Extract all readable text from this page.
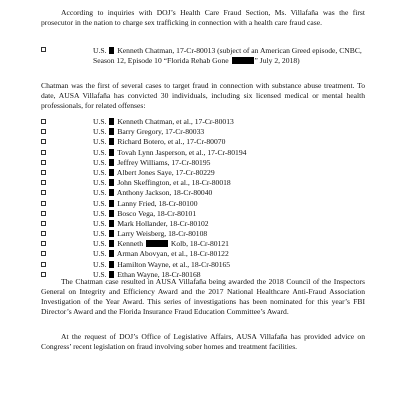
According to inquiries with DOJ’s Health Care Fraud Section, Ms. Villafaña was the first prosecutor in the nation to charge sex trafficking in connection with a health care fraud case.

U.S. Kenneth Chatman, 17-Cr-80013 (subject of an American Greed episode, CNBC, Season 12, Episode 10 “Florida Rehab Gone	” July 2, 2018)

Chatman was the first of several cases to target fraud in connection with substance abuse treatment. To date, AUSA Villafaña has convicted 30 individuals, including six licensed medical or mental health professionals, for related offenses:

U.S. Kenneth Chatman, et al., 17-Cr-80013
U.S. Barry Gregory, 17-Cr-80033
U.S. Richard Botero, et al., 17-Cr-80070
U.S. Tovah Lynn Jasperson, et al., 17-Cr-80194
U.S. Jeffrey Williams, 17-Cr-80195
U.S. Albert Jones Saye, 17-Cr-80229
U.S. John Skeffington, et al., 18-Cr-80018
U.S. Anthony Jackson, 18-Cr-80040
U.S. Lanny Fried, 18-Cr-80100
U.S. Bosco Vega, 18-Cr-80101
U.S. Mark Hollander, 18-Cr-80102
U.S. Larry Weisberg, 18-Cr-80108
U.S. Kenneth	Kolb, 18-Cr-80121
U.S. Arman Abovyan, et al., 18-Cr-80122
U.S. Hamilton Wayne, et al., 18-Cr-80165
U.S. Ethan Wayne, 18-Cr-80168

The Chatman case resulted in AUSA Villafaña being awarded the 2018 Council of the Inspectors General on Integrity and Efficiency Award and the 2017 National Healthcare Anti-Fraud Association Investigation of the Year Award. This series of investigations has been nominated for this year’s FBI Director’s Award and the Florida Insurance Fraud Education Committee’s Award.

At the request of DOJ’s Office of Legislative Affairs, AUSA Villafaña has provided advice on Congress’ recent legislation on fraud involving sober homes and treatment facilities.
